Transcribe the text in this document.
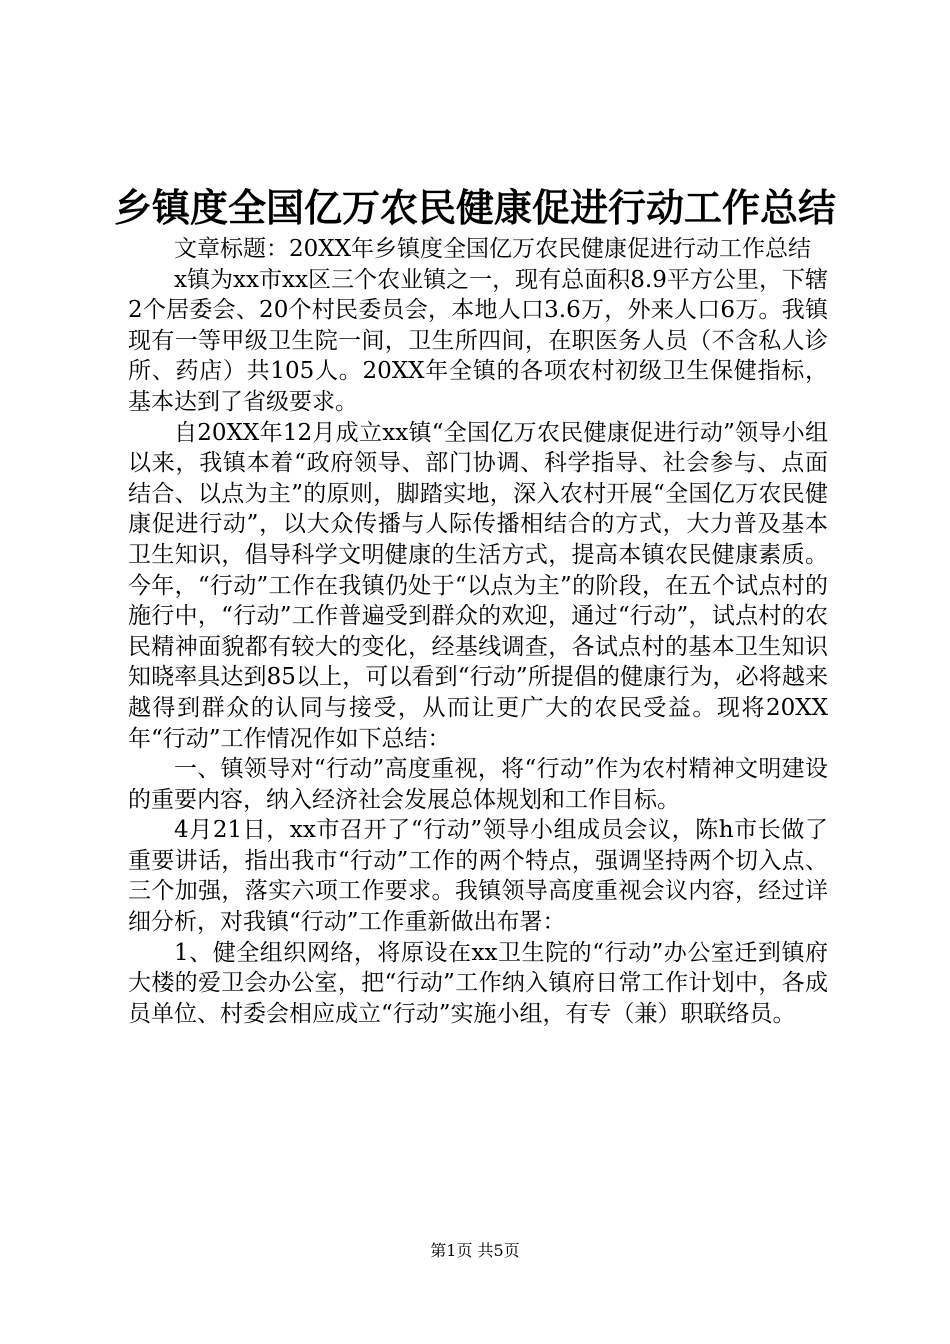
乡镇度全国亿万农民健康促进行动工作总结

文章标题：20XX年乡镇度全国亿万农民健康促进行动工作总结

x镇为xx市xx区三个农业镇之一，现有总面积8.9平方公里，下辖2个居委会、20个村民委员会，本地人口3.6万，外来人口6万。我镇现有一等甲级卫生院一间，卫生所四间，在职医务人员（不含私人诊所、药店）共105人。20XX年全镇的各项农村初级卫生保健指标，基本达到了省级要求。

自20XX年12月成立xx镇“全国亿万农民健康促进行动”领导小组以来，我镇本着“政府领导、部门协调、科学指导、社会参与、点面结合、以点为主”的原则，脚踏实地，深入农村开展“全国亿万农民健康促进行动”，以大众传播与人际传播相结合的方式，大力普及基本卫生知识，倡导科学文明健康的生活方式，提高本镇农民健康素质。今年，“行动”工作在我镇仍处于“以点为主”的阶段，在五个试点村的施行中，“行动”工作普遍受到群众的欢迎，通过“行动”，试点村的农民精神面貌都有较大的变化，经基线调查，各试点村的基本卫生知识知晓率具达到85以上，可以看到“行动”所提倡的健康行为，必将越来越得到群众的认同与接受，从而让更广大的农民受益。现将20XX年“行动”工作情况作如下总结：

一、镇领导对“行动”高度重视，将“行动”作为农村精神文明建设的重要内容，纳入经济社会发展总体规划和工作目标。

4月21日，xx市召开了“行动”领导小组成员会议，陈h市长做了重要讲话，指出我市“行动”工作的两个特点，强调坚持两个切入点、三个加强，落实六项工作要求。我镇领导高度重视会议内容，经过详细分析，对我镇“行动”工作重新做出布署：

1、健全组织网络，将原设在xx卫生院的“行动”办公室迁到镇府大楼的爱卫会办公室，把“行动”工作纳入镇府日常工作计划中，各成员单位、村委会相应成立“行动”实施小组，有专（兼）职联络员。

第1页 共5页
